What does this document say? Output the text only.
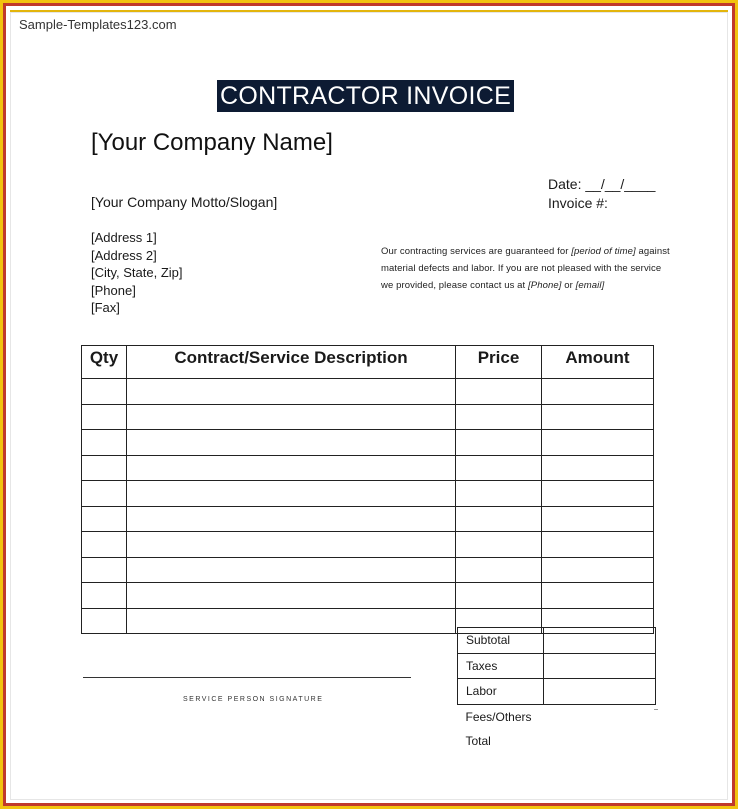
Sample-Templates123.com
CONTRACTOR INVOICE
[Your Company Name]
[Your Company Motto/Slogan]
Date: __/__/____
Invoice #:
[Address 1]
[Address 2]
[City, State, Zip]
[Phone]
[Fax]
Our contracting services are guaranteed for [period of time] against material defects and labor. If you are not pleased with the service we provided, please contact us at [Phone] or [email]
Qty	Contract/Service Description	Price	Amount

Subtotal	
Taxes	
Labor	
Fees/Others	
Total	
SERVICE PERSON SIGNATURE
